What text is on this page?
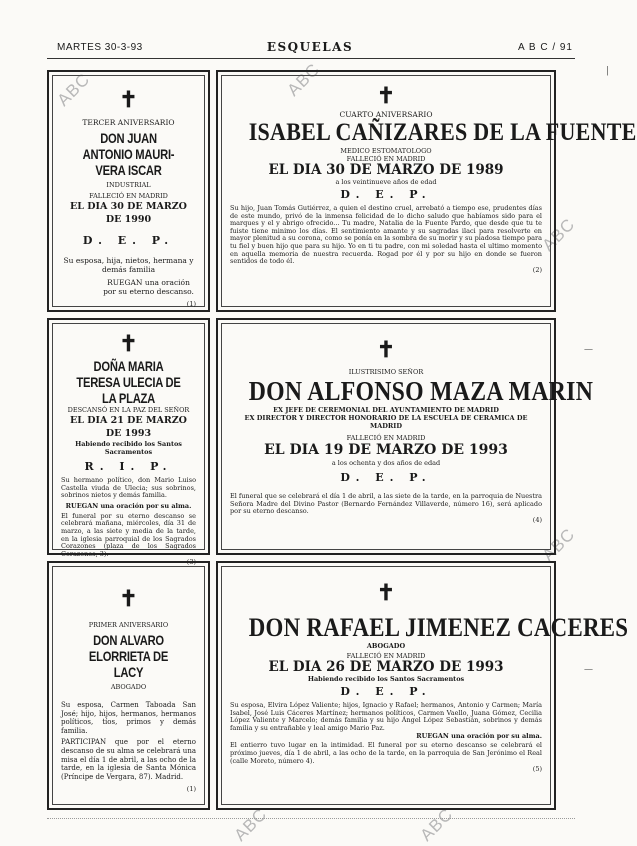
MARTES 30-3-93	ESQUELAS	A B C / 91
ABC	ABC
ABC
ABC
ABC	ABC
✝
TERCER ANIVERSARIO
DON JUAN ANTONIO MAURI-VERA ISCAR
INDUSTRIAL
FALLECIÓ EN MADRID
EL DIA 30 DE MARZO DE 1990
D. E. P.
Su esposa, hija, nietos, hermana y demás familia
RUEGAN una oración por su eterno descanso.
(1)
✝
CUARTO ANIVERSARIO
ISABEL CAÑIZARES DE LA FUENTE
MEDICO ESTOMATOLOGO
FALLECIÓ EN MADRID
EL DIA 30 DE MARZO DE 1989
a los veintinueve años de edad
D. E. P.
Su hijo, Juan Tomás Gutiérrez, a quien el destino cruel, arrebató a tiempo ese, prudentes días de este mundo, privó de la inmensa felicidad de lo dicho saludo que habíamos sido para el marques y el y abrigo ofrecido... Tu madre, Natalia de la Fuente Pardo, que desde que tu te fuiste tiene minimo los días. El sentimiento amante y su sagradas ilaci para resolverte en mayor plenitud a su corona, como se ponía en la sombra de su morir y su piadosa tiempo para tu fiel y buen hijo que para su hijo. Yo en ti tu padre, con mi soledad hasta el ultimo momento en aquella memoria de nuestra recuerda. Rogad por él y por su hijo en donde se fueron sentidos de todo él.
(2)
✝
DOÑA MARIA TERESA ULECIA DE LA PLAZA
DESCANSÓ EN LA PAZ DEL SEÑOR
EL DIA 21 DE MARZO DE 1993
Habiendo recibido los Santos Sacramentos
R. I. P.
Su hermano político, don Mario Luiso Castella viuda de Ulecia; sus sobrinos, sobrinos nietos y demás familia.
RUEGAN una oración por su alma.
El funeral por su eterno descanso se celebrará mañana, miércoles, día 31 de marzo, a las siete y media de la tarde, en la iglesia parroquial de los Sagrados Corazones (plaza de los Sagrados Corazones, 3).
(3)
✝
ILUSTRISIMO SEÑOR
DON ALFONSO MAZA MARIN
EX JEFE DE CEREMONIAL DEL AYUNTAMIENTO DE MADRID
EX DIRECTOR Y DIRECTOR HONORARIO DE LA ESCUELA DE CERAMICA DE MADRID
FALLECIÓ EN MADRID
EL DIA 19 DE MARZO DE 1993
a los ochenta y dos años de edad
D. E. P.
El funeral que se celebrará el día 1 de abril, a las siete de la tarde, en la parroquia de Nuestra Señora Madre del Divino Pastor (Bernardo Fernández Villaverde, número 16), será aplicado por su eterno descanso.
(4)
✝
PRIMER ANIVERSARIO
DON ALVARO ELORRIETA DE LACY
ABOGADO
Su esposa, Carmen Taboada San José; hijo, hijos, hermanos, hermanos políticos, tíos, primos y demás familia.
PARTICIPAN que por el eterno descanso de su alma se celebrará una misa el día 1 de abril, a las ocho de la tarde, en la iglesia de Santa Mónica (Príncipe de Vergara, 87). Madrid.
(1)
✝
DON RAFAEL JIMENEZ CACERES
ABOGADO
FALLECIÓ EN MADRID
EL DIA 26 DE MARZO DE 1993
Habiendo recibido los Santos Sacramentos
D. E. P.
Su esposa, Elvira López Valiente; hijos, Ignacio y Rafael; hermanos, Antonio y Carmen; María Isabel, José Luis Cáceres Martínez; hermanos políticos, Carmen Vaello, Juana Gómez, Cecilia López Valiente y Marcelo; demás familia y su hijo Ángel López Sebastián, sobrinos y demás familia y su entrañable y leal amigo Mario Paz.
RUEGAN una oración por su alma.
El entierro tuvo lugar en la intimidad. El funeral por su eterno descanso se celebrará el próximo jueves, día 1 de abril, a las ocho de la tarde, en la parroquia de San Jerónimo el Real (calle Moreto, número 4).
(5)
|
—
—
